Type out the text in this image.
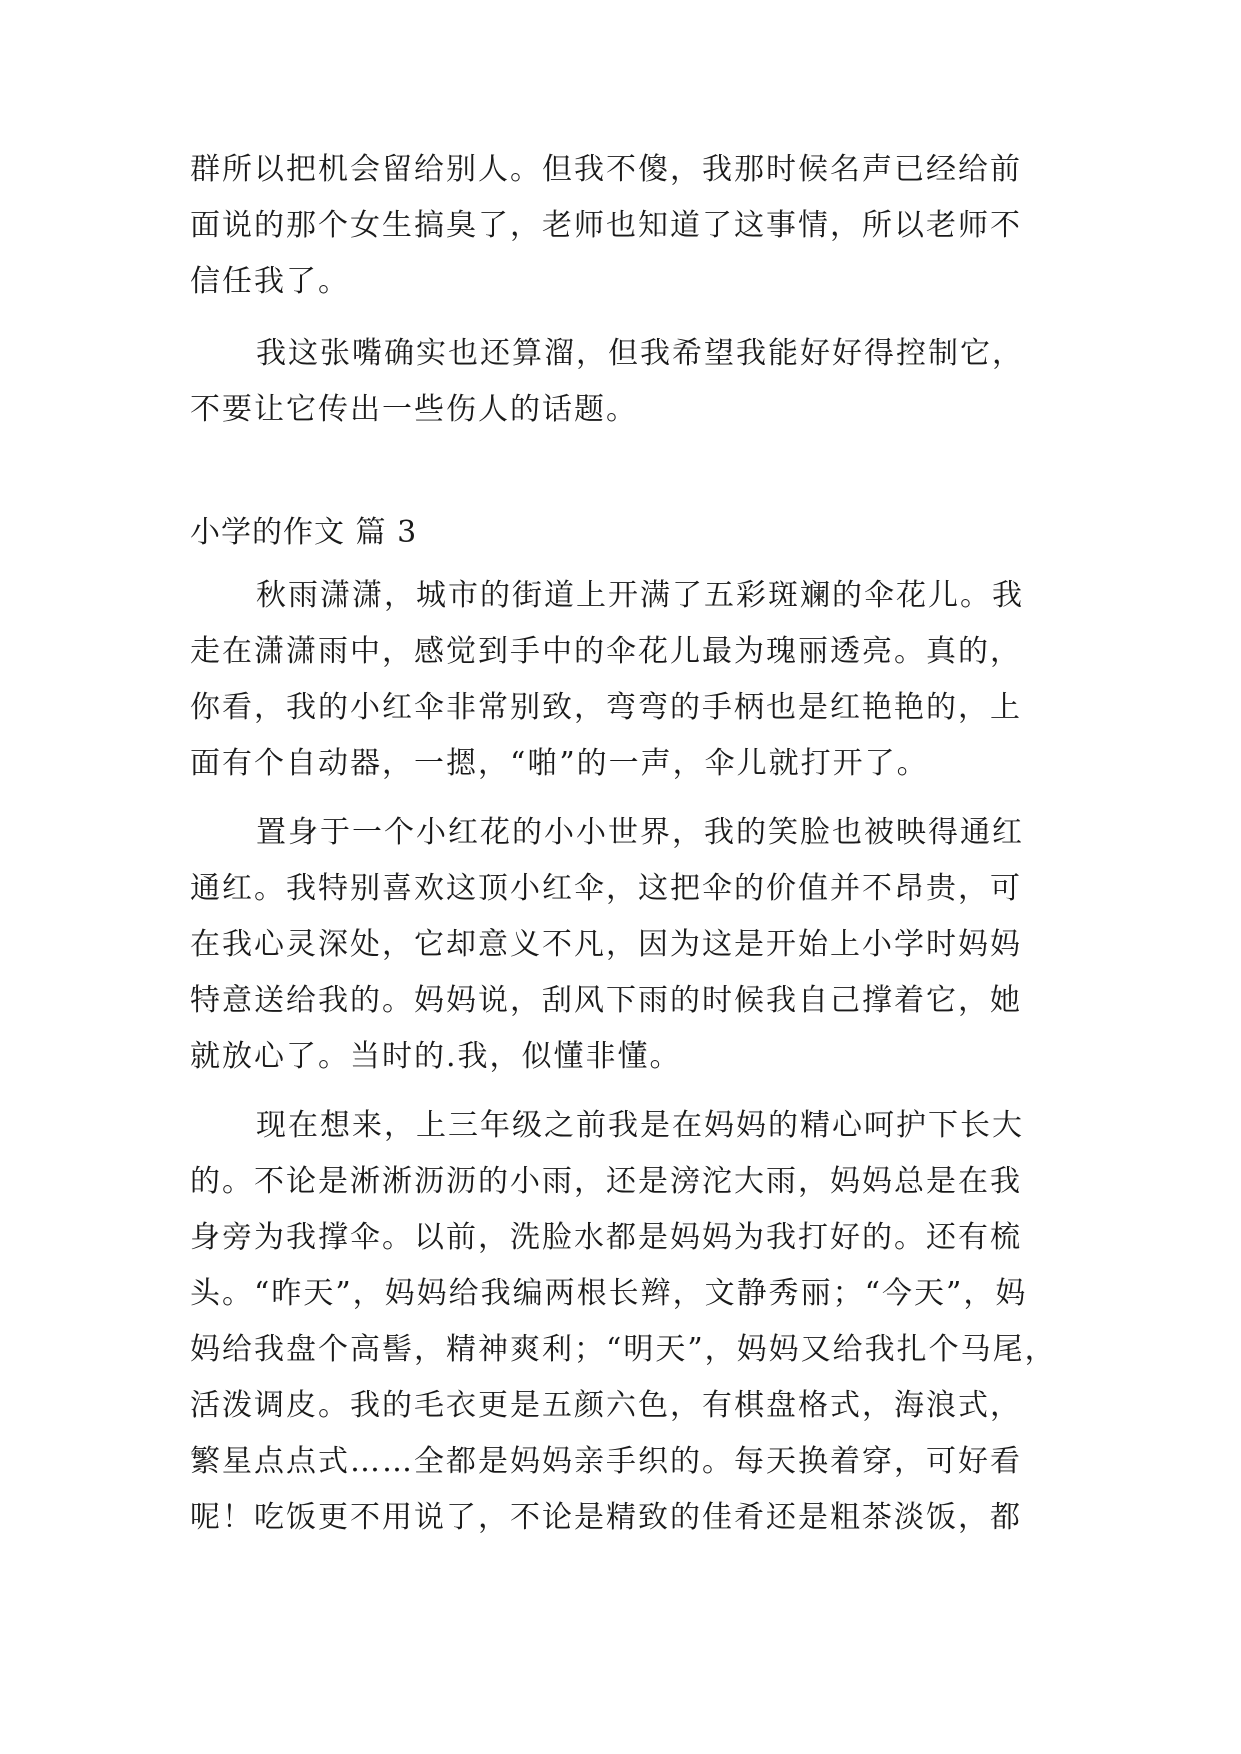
群所以把机会留给别人。但我不傻，我那时候名声已经给前
面说的那个女生搞臭了，老师也知道了这事情，所以老师不
信任我了。
我这张嘴确实也还算溜，但我希望我能好好得控制它，
不要让它传出一些伤人的话题。
小学的作文 篇 3
秋雨潇潇，城市的街道上开满了五彩斑斓的伞花儿。我
走在潇潇雨中，感觉到手中的伞花儿最为瑰丽透亮。真的，
你看，我的小红伞非常别致，弯弯的手柄也是红艳艳的，上
面有个自动器，一摁，“啪”的一声，伞儿就打开了。
置身于一个小红花的小小世界，我的笑脸也被映得通红
通红。我特别喜欢这顶小红伞，这把伞的价值并不昂贵，可
在我心灵深处，它却意义不凡，因为这是开始上小学时妈妈
特意送给我的。妈妈说，刮风下雨的时候我自己撑着它，她
就放心了。当时的.我，似懂非懂。
现在想来，上三年级之前我是在妈妈的精心呵护下长大
的。不论是淅淅沥沥的小雨，还是滂沱大雨，妈妈总是在我
身旁为我撑伞。以前，洗脸水都是妈妈为我打好的。还有梳
头。“昨天”，妈妈给我编两根长辫，文静秀丽；“今天”，妈
妈给我盘个高髻，精神爽利；“明天”，妈妈又给我扎个马尾，
活泼调皮。我的毛衣更是五颜六色，有棋盘格式，海浪式，
繁星点点式……全都是妈妈亲手织的。每天换着穿，可好看
呢！吃饭更不用说了，不论是精致的佳肴还是粗茶淡饭，都
